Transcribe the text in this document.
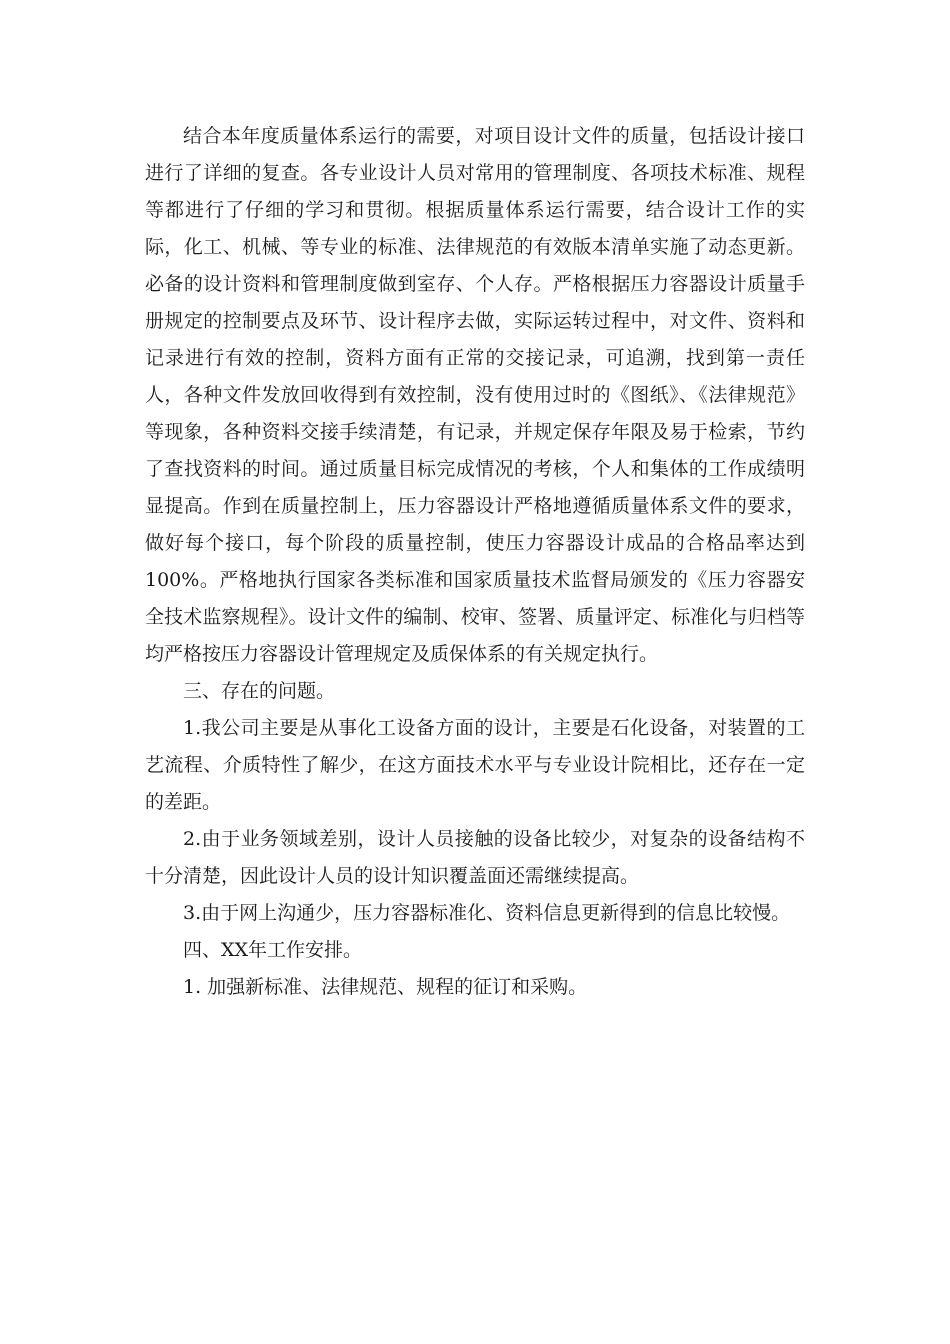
结合本年度质量体系运行的需要，对项目设计文件的质量，包括设计接口进行了详细的复查。各专业设计人员对常用的管理制度、各项技术标准、规程等都进行了仔细的学习和贯彻。根据质量体系运行需要，结合设计工作的实际，化工、机械、等专业的标准、法律规范的有效版本清单实施了动态更新。必备的设计资料和管理制度做到室存、个人存。严格根据压力容器设计质量手册规定的控制要点及环节、设计程序去做，实际运转过程中，对文件、资料和记录进行有效的控制，资料方面有正常的交接记录，可追溯，找到第一责任人，各种文件发放回收得到有效控制，没有使用过时的《图纸》、《法律规范》等现象，各种资料交接手续清楚，有记录，并规定保存年限及易于检索，节约了查找资料的时间。通过质量目标完成情况的考核，个人和集体的工作成绩明显提高。作到在质量控制上，压力容器设计严格地遵循质量体系文件的要求，做好每个接口，每个阶段的质量控制，使压力容器设计成品的合格品率达到100%。严格地执行国家各类标准和国家质量技术监督局颁发的《压力容器安全技术监察规程》。设计文件的编制、校审、签署、质量评定、标准化与归档等均严格按压力容器设计管理规定及质保体系的有关规定执行。

三、存在的问题。

1.我公司主要是从事化工设备方面的设计，主要是石化设备，对装置的工艺流程、介质特性了解少，在这方面技术水平与专业设计院相比，还存在一定的差距。

2.由于业务领域差别，设计人员接触的设备比较少，对复杂的设备结构不十分清楚，因此设计人员的设计知识覆盖面还需继续提高。

3.由于网上沟通少，压力容器标准化、资料信息更新得到的信息比较慢。

四、XX年工作安排。

1. 加强新标准、法律规范、规程的征订和采购。
